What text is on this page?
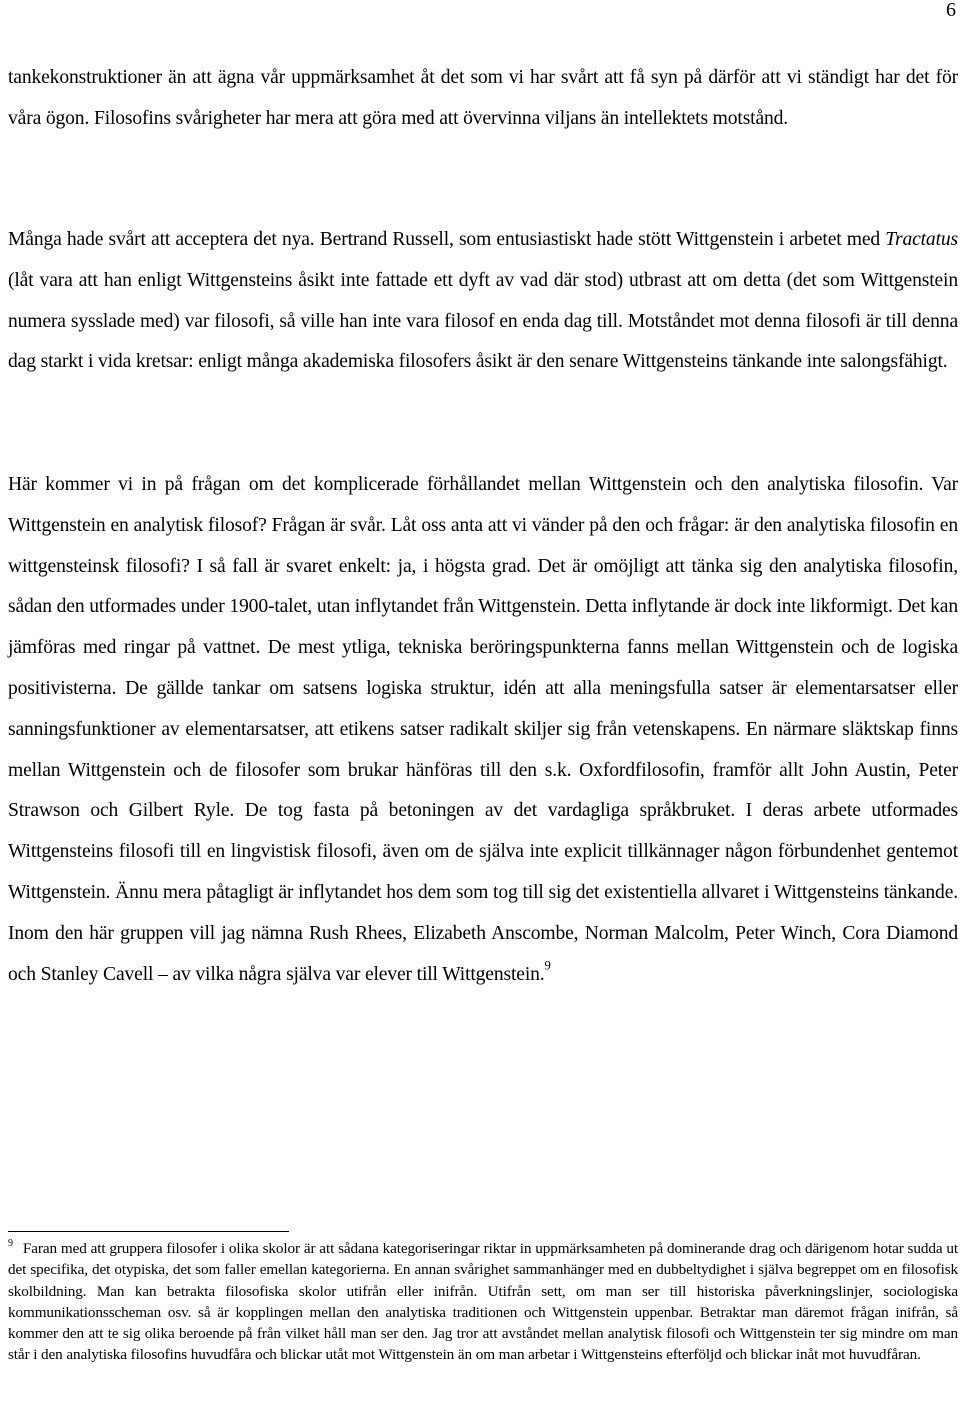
6

tankekonstruktioner än att ägna vår uppmärksamhet åt det som vi har svårt att få syn på därför att vi ständigt har det för våra ögon. Filosofins svårigheter har mera att göra med att övervinna viljans än intellektets motstånd.

Många hade svårt att acceptera det nya. Bertrand Russell, som entusiastiskt hade stött Wittgenstein i arbetet med Tractatus (låt vara att han enligt Wittgensteins åsikt inte fattade ett dyft av vad där stod) utbrast att om detta (det som Wittgenstein numera sysslade med) var filosofi, så ville han inte vara filosof en enda dag till. Motståndet mot denna filosofi är till denna dag starkt i vida kretsar: enligt många akademiska filosofers åsikt är den senare Wittgensteins tänkande inte salongsfähigt.

Här kommer vi in på frågan om det komplicerade förhållandet mellan Wittgenstein och den analytiska filosofin. Var Wittgenstein en analytisk filosof? Frågan är svår. Låt oss anta att vi vänder på den och frågar: är den analytiska filosofin en wittgensteinsk filosofi? I så fall är svaret enkelt: ja, i högsta grad. Det är omöjligt att tänka sig den analytiska filosofin, sådan den utformades under 1900-talet, utan inflytandet från Wittgenstein. Detta inflytande är dock inte likformigt. Det kan jämföras med ringar på vattnet. De mest ytliga, tekniska beröringspunkterna fanns mellan Wittgenstein och de logiska positivisterna. De gällde tankar om satsens logiska struktur, idén att alla meningsfulla satser är elementarsatser eller sanningsfunktioner av elementarsatser, att etikens satser radikalt skiljer sig från vetenskapens. En närmare släktskap finns mellan Wittgenstein och de filosofer som brukar hänföras till den s.k. Oxfordfilosofin, framför allt John Austin, Peter Strawson och Gilbert Ryle. De tog fasta på betoningen av det vardagliga språkbruket. I deras arbete utformades Wittgensteins filosofi till en lingvistisk filosofi, även om de själva inte explicit tillkännager någon förbundenhet gentemot Wittgenstein. Ännu mera påtagligt är inflytandet hos dem som tog till sig det existentiella allvaret i Wittgensteins tänkande. Inom den här gruppen vill jag nämna Rush Rhees, Elizabeth Anscombe, Norman Malcolm, Peter Winch, Cora Diamond och Stanley Cavell – av vilka några själva var elever till Wittgenstein.$^9$

$^9$ Faran med att gruppera filosofer i olika skolor är att sådana kategoriseringar riktar in uppmärksamheten på dominerande drag och därigenom hotar sudda ut det specifika, det otypiska, det som faller emellan kategorierna. En annan svårighet sammanhänger med en dubbeltydighet i själva begreppet om en filosofisk skolbildning. Man kan betrakta filosofiska skolor utifrån eller inifrån. Utifrån sett, om man ser till historiska påverkningslinjer, sociologiska kommunikationsscheman osv. så är kopplingen mellan den analytiska traditionen och Wittgenstein uppenbar. Betraktar man däremot frågan inifrån, så kommer den att te sig olika beroende på från vilket håll man ser den. Jag tror att avståndet mellan analytisk filosofi och Wittgenstein ter sig mindre om man står i den analytiska filosofins huvudfåra och blickar utåt mot Wittgenstein än om man arbetar i Wittgensteins efterföljd och blickar inåt mot huvudfåran.
